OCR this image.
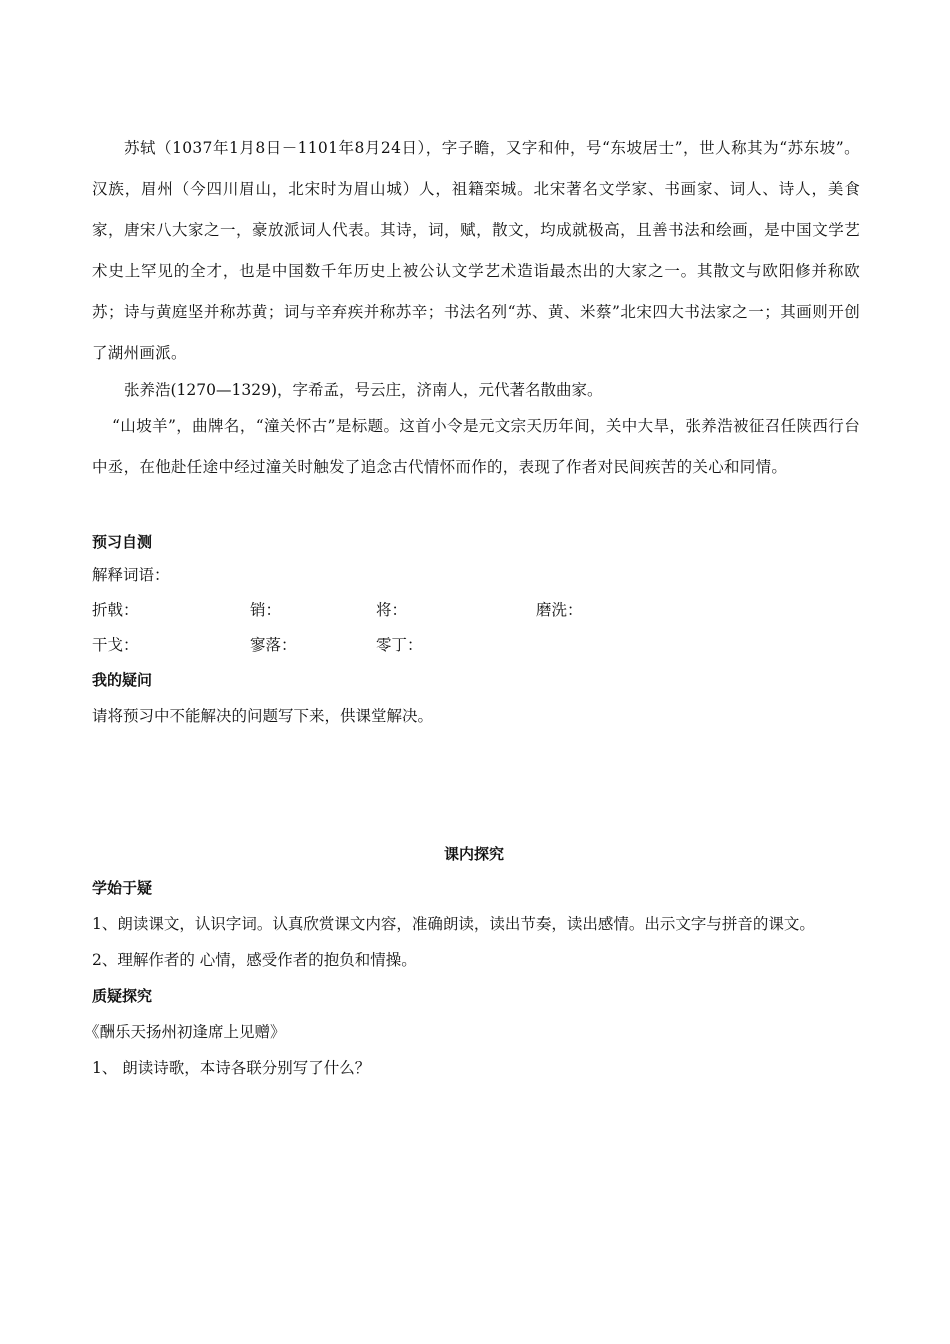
苏轼（1037年1月8日－1101年8月24日），字子瞻，又字和仲，号“东坡居士”，世人称其为“苏东坡”。汉族，眉州（今四川眉山，北宋时为眉山城）人，祖籍栾城。北宋著名文学家、书画家、词人、诗人，美食家，唐宋八大家之一，豪放派词人代表。其诗，词，赋，散文，均成就极高，且善书法和绘画，是中国文学艺术史上罕见的全才，也是中国数千年历史上被公认文学艺术造诣最杰出的大家之一。其散文与欧阳修并称欧苏；诗与黄庭坚并称苏黄；词与辛弃疾并称苏辛；书法名列“苏、黄、米蔡”北宋四大书法家之一；其画则开创了湖州画派。
张养浩(1270—1329)，字希孟，号云庄，济南人，元代著名散曲家。
“山坡羊”，曲牌名，“潼关怀古”是标题。这首小令是元文宗天历年间，关中大旱，张养浩被征召任陕西行台中丞，在他赴任途中经过潼关时触发了追念古代情怀而作的，表现了作者对民间疾苦的关心和同情。
预习自测
解释词语：
折戟：	销：	将：	磨洗：
干戈：	寥落：	零丁：
我的疑问
请将预习中不能解决的问题写下来，供课堂解决。
课内探究
学始于疑
1、朗读课文，认识字词。认真欣赏课文内容，准确朗读，读出节奏，读出感情。出示文字与拼音的课文。
2、理解作者的 心情，感受作者的抱负和情操。
质疑探究
《酬乐天扬州初逢席上见赠》
1、 朗读诗歌，本诗各联分别写了什么？
